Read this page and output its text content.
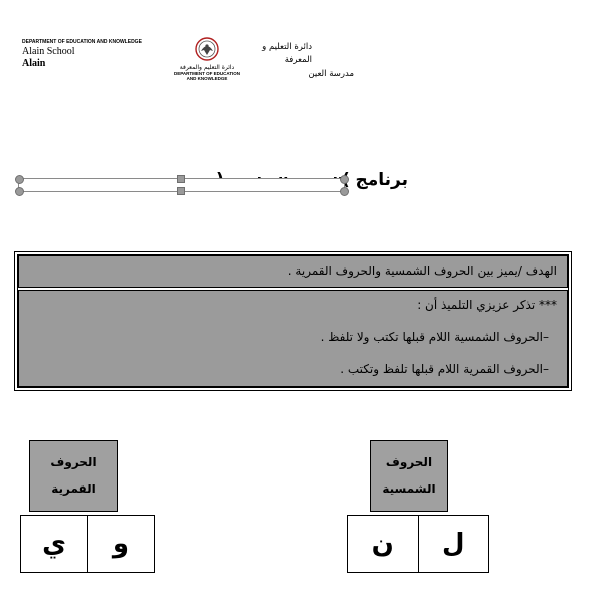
DEPARTMENT OF EDUCATION AND KNOWLEDGE
Alain School
Alain	دائرة التعليم والمعرفة
DEPARTMENT OF EDUCATION
AND KNOWLEDGE
دائرة التعليم و
المعرفة
مدرسة العين
برنامج
·
الهدف /يميز بين الحروف الشمسية والحروف القمرية .
*** تذكر عزيزي التلميذ أن :
–الحروف الشمسية اللام قبلها تكتب ولا تلفظ .
–الحروف القمرية اللام قبلها تلفظ وتكتب .
الحروف
القمرية
ي	و
الحروف
الشمسية
ن	ل
